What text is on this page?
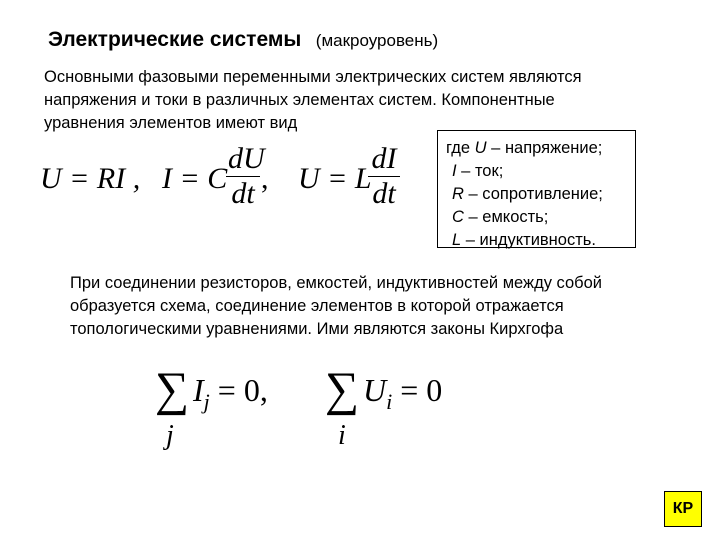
Электрические системы (макроуровень)
Основными фазовыми переменными электрических систем являются
напряжения и токи в различных элементах систем. Компонентные
уравнения элементов имеют вид
U = RI , I = C
$\frac{dU}{dt}$ , U = L
$\frac{dI}{dt}$	где U – напряжение;
I – ток;
R – сопротивление;
C – емкость;
L – индуктивность.
При соединении резисторов, емкостей, индуктивностей между собой
образуется схема, соединение элементов в которой отражается
топологическими уравнениями. Ими являются законы Кирхгофа
∑
j
$I_j = 0$, ∑
i
$U_i = 0$
КР
